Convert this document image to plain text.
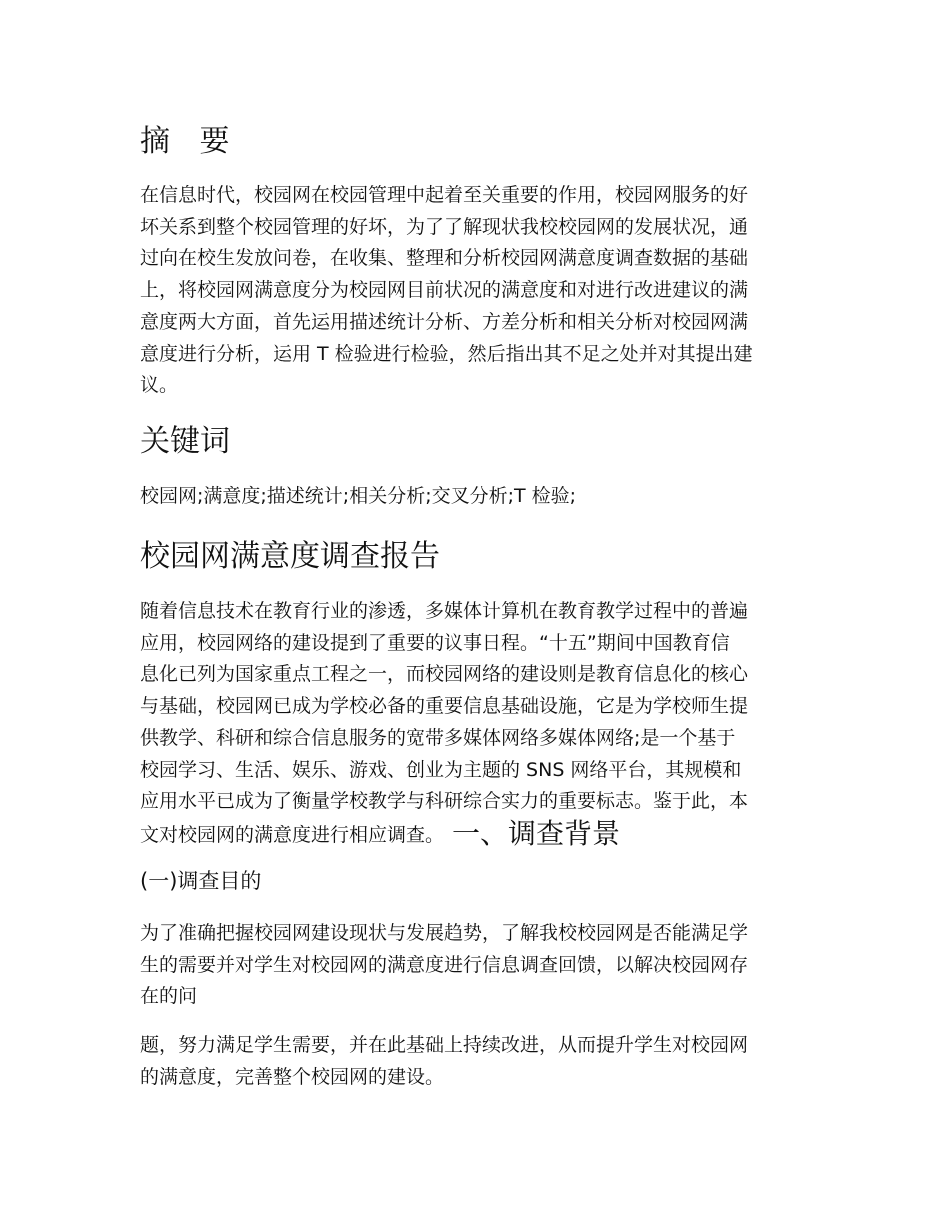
摘 要

在信息时代，校园网在校园管理中起着至关重要的作用，校园网服务的好
坏关系到整个校园管理的好坏，为了了解现状我校校园网的发展状况，通
过向在校生发放问卷，在收集、整理和分析校园网满意度调查数据的基础
上，将校园网满意度分为校园网目前状况的满意度和对进行改进建议的满
意度两大方面，首先运用描述统计分析、方差分析和相关分析对校园网满
意度进行分析，运用 T 检验进行检验，然后指出其不足之处并对其提出建
议。

关键词

校园网;满意度;描述统计;相关分析;交叉分析;T 检验;

校园网满意度调查报告

随着信息技术在教育行业的渗透，多媒体计算机在教育教学过程中的普遍
应用，校园网络的建设提到了重要的议事日程。“十五”期间中国教育信
息化已列为国家重点工程之一，而校园网络的建设则是教育信息化的核心
与基础，校园网已成为学校必备的重要信息基础设施，它是为学校师生提
供教学、科研和综合信息服务的宽带多媒体网络多媒体网络;是一个基于
校园学习、生活、娱乐、游戏、创业为主题的 SNS 网络平台，其规模和
应用水平已成为了衡量学校教学与科研综合实力的重要标志。鉴于此，本
文对校园网的满意度进行相应调查。 一、调查背景

(一)调查目的

为了准确把握校园网建设现状与发展趋势，了解我校校园网是否能满足学
生的需要并对学生对校园网的满意度进行信息调查回馈，以解决校园网存
在的问

题，努力满足学生需要，并在此基础上持续改进，从而提升学生对校园网
的满意度，完善整个校园网的建设。
